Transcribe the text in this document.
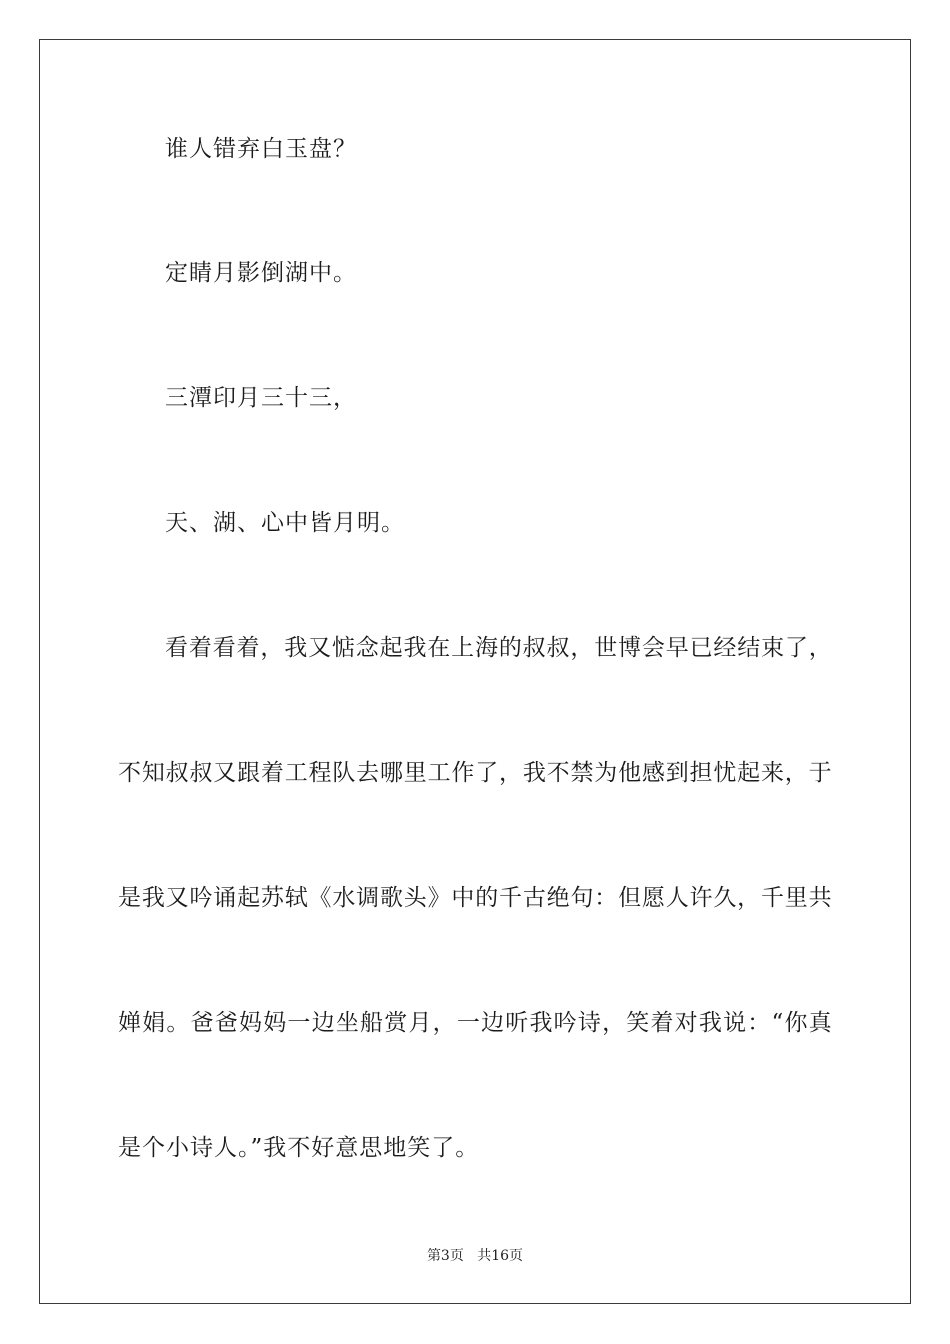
谁人错弃白玉盘？
定睛月影倒湖中。
三潭印月三十三，
天、湖、心中皆月明。
看 着 看 着 ， 我 又 惦 念 起 我 在 上 海 的 叔 叔 ， 世 博 会 早 已 经 结 束 了 ，
不 知 叔 叔 又 跟 着 工 程 队 去 哪 里 工 作 了 ， 我 不 禁 为 他 感 到 担 忧 起 来 ， 于
是 我 又 吟 诵 起 苏 轼 《 水 调 歌 头 》 中 的 千 古 绝 句 ： 但 愿 人 许 久 ， 千 里 共
婵 娟 。 爸 爸 妈 妈 一 边 坐 船 赏 月 ， 一 边 听 我 吟 诗 ， 笑 着 对 我 说 ： “ 你 真
是个小诗人。”我不好意思地笑了。
第3页 共16页
